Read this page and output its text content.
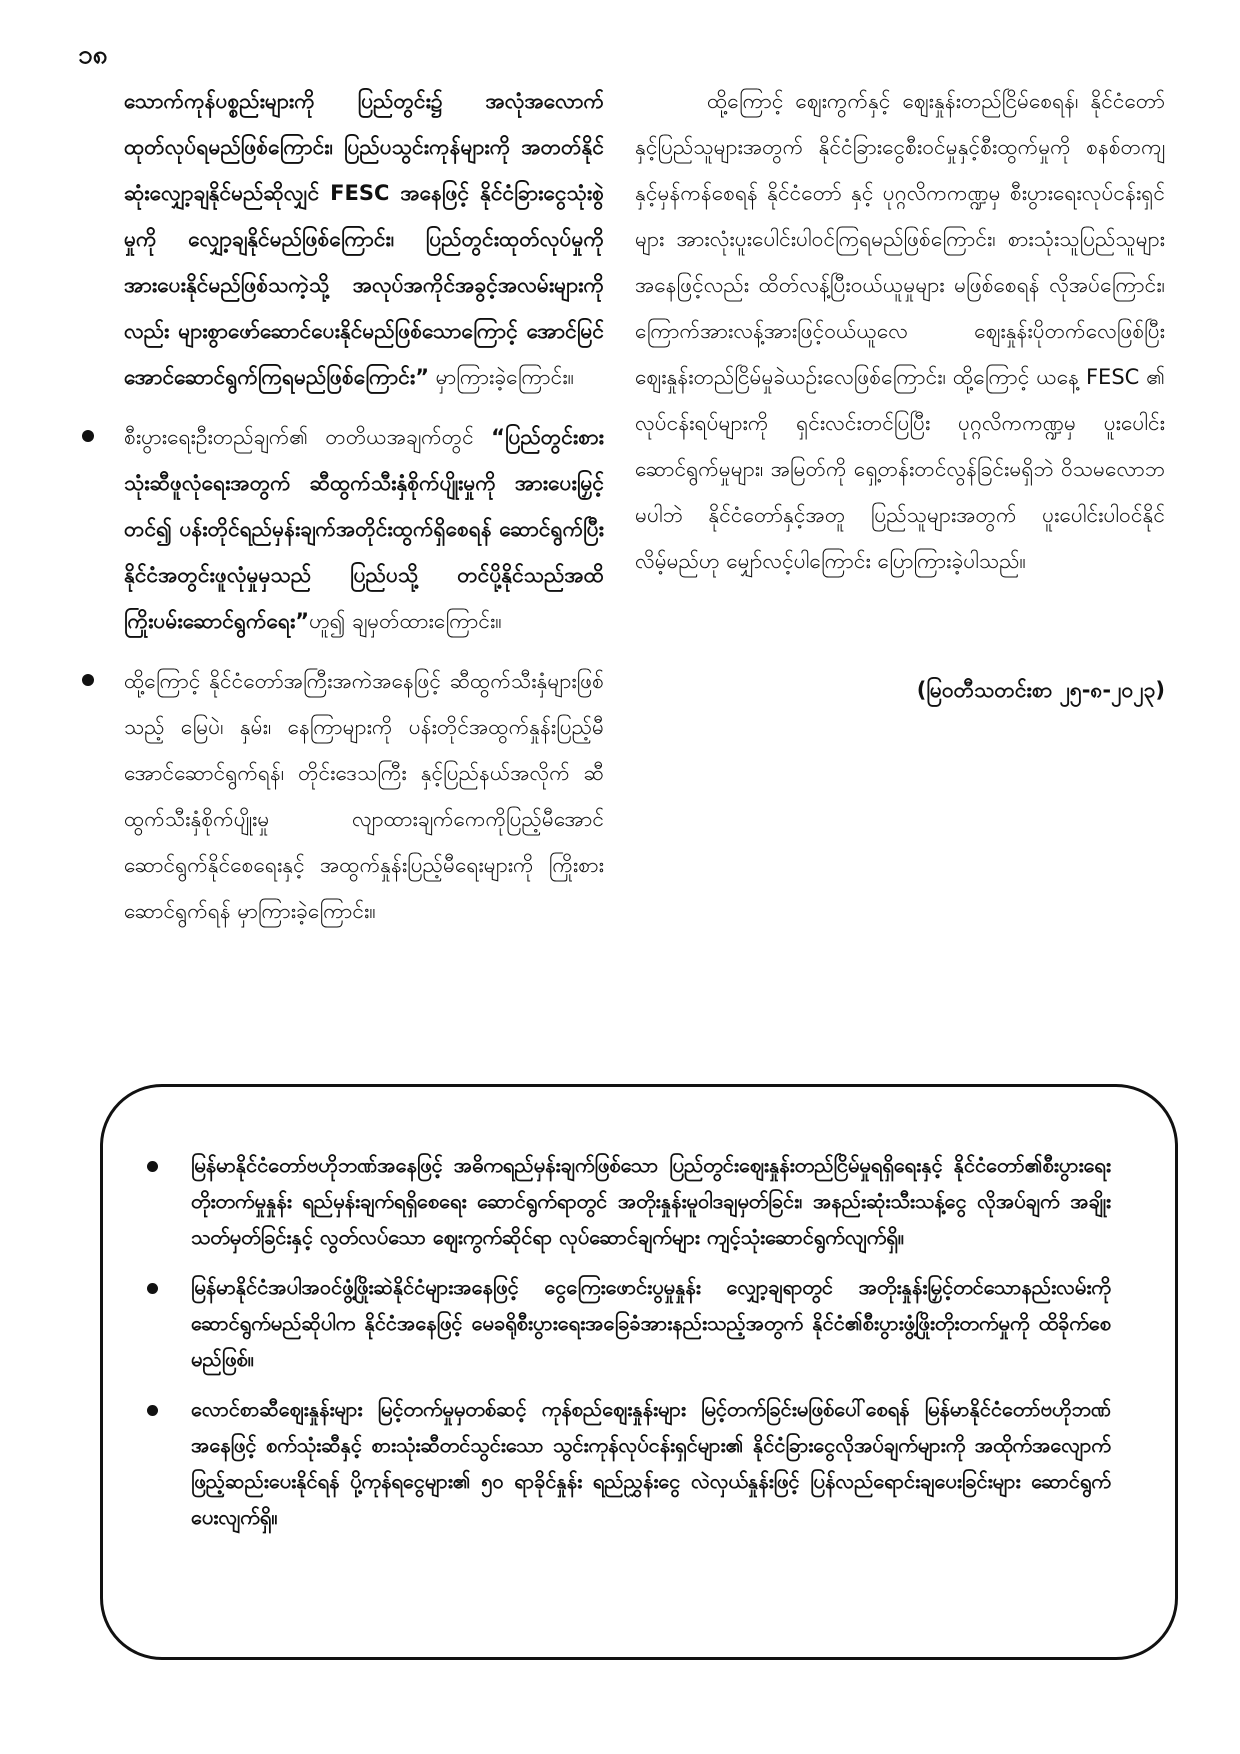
၁၈

သောက်ကုန်ပစ္စည်းများကို ပြည်တွင်း၌ အလုံအလောက် ထုတ်လုပ်ရမည်ဖြစ်ကြောင်း၊ ပြည်ပသွင်းကုန်များကို အတတ်နိုင်ဆုံးလျှော့ချနိုင်မည်ဆိုလျှင် FESC အနေဖြင့် နိုင်ငံခြားငွေသုံးစွဲမှုကို လျှော့ချနိုင်မည်ဖြစ်ကြောင်း၊ ပြည်တွင်းထုတ်လုပ်မှုကို အားပေးနိုင်မည်ဖြစ်သကဲ့သို့ အလုပ်အကိုင်အခွင့်အလမ်းများကိုလည်း များစွာဖော်ဆောင်ပေးနိုင်မည်ဖြစ်သောကြောင့် အောင်မြင်အောင်ဆောင်ရွက်ကြရမည်ဖြစ်ကြောင်း” မှာကြားခဲ့ကြောင်း။

စီးပွားရေးဦးတည်ချက်၏ တတိယအချက်တွင် “ပြည်တွင်းစားသုံးဆီဖူလုံရေးအတွက် ဆီထွက်သီးနှံစိုက်ပျိုးမှုကို အားပေးမြှင့်တင်၍ ပန်းတိုင်ရည်မှန်းချက်အတိုင်းထွက်ရှိစေရန် ဆောင်ရွက်ပြီး နိုင်ငံအတွင်းဖူလုံမှုမှသည် ပြည်ပသို့ တင်ပို့နိုင်သည်အထိ ကြိုးပမ်းဆောင်ရွက်ရေး”ဟူ၍ ချမှတ်ထားကြောင်း။

ထို့ကြောင့် နိုင်ငံတော်အကြီးအကဲအနေဖြင့် ဆီထွက်သီးနှံများဖြစ်သည့် မြေပဲ၊ နှမ်း၊ နေကြာများကို ပန်းတိုင်အထွက်နှုန်းပြည့်မီအောင်ဆောင်ရွက်ရန်၊ တိုင်းဒေသကြီး နှင့်ပြည်နယ်အလိုက် ဆီထွက်သီးနှံစိုက်ပျိုးမှု လျာထားချက်ကေကိုပြည့်မီအောင် ဆောင်ရွက်နိုင်စေရေးနှင့် အထွက်နှုန်းပြည့်မီရေးများကို ကြိုးစားဆောင်ရွက်ရန် မှာကြားခဲ့ကြောင်း။

ထို့ကြောင့် ဈေးကွက်နှင့် ဈေးနှုန်းတည်ငြိမ်စေရန်၊ နိုင်ငံတော်နှင့်ပြည်သူများအတွက် နိုင်ငံခြားငွေစီးဝင်မှုနှင့်စီးထွက်မှုကို စနစ်တကျနှင့်မှန်ကန်စေရန် နိုင်ငံတော် နှင့် ပုဂ္ဂလိကကဏ္ဍမှ စီးပွားရေးလုပ်ငန်းရှင်များ အားလုံးပူးပေါင်းပါဝင်ကြရမည်ဖြစ်ကြောင်း၊ စားသုံးသူပြည်သူများအနေဖြင့်လည်း ထိတ်လန့်ပြီးဝယ်ယူမှုများ မဖြစ်စေရန် လိုအပ်ကြောင်း၊ ကြောက်အားလန့်အားဖြင့်ဝယ်ယူလေ ဈေးနှုန်းပိုတက်လေဖြစ်ပြီး ဈေးနှုန်းတည်ငြိမ်မှုခဲယဉ်းလေဖြစ်ကြောင်း၊ ထို့ကြောင့် ယနေ့ FESC ၏ လုပ်ငန်းရပ်များကို ရှင်းလင်းတင်ပြပြီး ပုဂ္ဂလိကကဏ္ဍမှ ပူးပေါင်းဆောင်ရွက်မှုများ၊ အမြတ်ကို ရှေ့တန်းတင်လွန်ခြင်းမရှိဘဲ ဝိသမလောဘမပါဘဲ နိုင်ငံတော်နှင့်အတူ ပြည်သူများအတွက် ပူးပေါင်းပါဝင်နိုင်လိမ့်မည်ဟု မျှော်လင့်ပါကြောင်း ပြောကြားခဲ့ပါသည်။

(မြဝတီသတင်းစာ ၂၅-၈-၂၀၂၃)
မြန်မာနိုင်ငံတော်ဗဟိုဘဏ်အနေဖြင့် အဓိကရည်မှန်းချက်ဖြစ်သော ပြည်တွင်းဈေးနှုန်းတည်ငြိမ်မှုရရှိရေးနှင့် နိုင်ငံတော်၏စီးပွားရေးတိုးတက်မှုနှုန်း ရည်မှန်းချက်ရရှိစေရေး ဆောင်ရွက်ရာတွင် အတိုးနှုန်းမူဝါဒချမှတ်ခြင်း၊ အနည်းဆုံးသီးသန့်ငွေ လိုအပ်ချက် အချိုးသတ်မှတ်ခြင်းနှင့် လွတ်လပ်သော ဈေးကွက်ဆိုင်ရာ လုပ်ဆောင်ချက်များ ကျင့်သုံးဆောင်ရွက်လျက်ရှိ။
မြန်မာနိုင်ငံအပါအဝင်ဖွံ့ဖြိုးဆဲနိုင်ငံများအနေဖြင့် ငွေကြေးဖောင်းပွမှုနှုန်း လျှော့ချရာတွင် အတိုးနှုန်းမြှင့်တင်သောနည်းလမ်းကို ဆောင်ရွက်မည်ဆိုပါက နိုင်ငံအနေဖြင့် မေခရိုစီးပွားရေးအခြေခံအားနည်းသည့်အတွက် နိုင်ငံ၏စီးပွားဖွံ့ဖြိုးတိုးတက်မှုကို ထိခိုက်စေမည်ဖြစ်။
လောင်စာဆီဈေးနှုန်းများ မြင့်တက်မှုမှတစ်ဆင့် ကုန်စည်ဈေးနှုန်းများ မြင့်တက်ခြင်းမဖြစ်ပေါ်စေရန် မြန်မာနိုင်ငံတော်ဗဟိုဘဏ်အနေဖြင့် စက်သုံးဆီနှင့် စားသုံးဆီတင်သွင်းသော သွင်းကုန်လုပ်ငန်းရှင်များ၏ နိုင်ငံခြားငွေလိုအပ်ချက်များကို အထိုက်အလျောက် ဖြည့်ဆည်းပေးနိုင်ရန် ပို့ကုန်ရငွေများ၏ ၅၀ ရာခိုင်နှုန်း ရည်ညွှန်းငွေ လဲလှယ်နှုန်းဖြင့် ပြန်လည်ရောင်းချပေးခြင်းများ ဆောင်ရွက်ပေးလျက်ရှိ။
